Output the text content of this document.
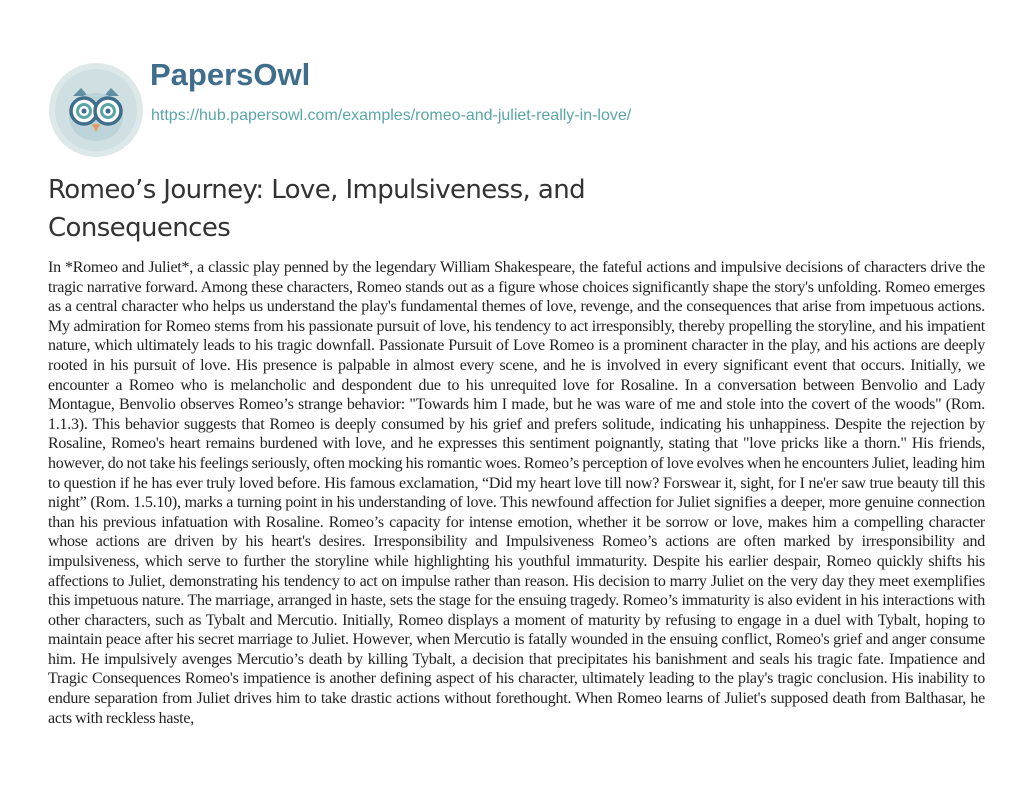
PapersOwl
https://hub.papersowl.com/examples/romeo-and-juliet-really-in-love/
Romeo’s Journey: Love, Impulsiveness, and Consequences

In *Romeo and Juliet*, a classic play penned by the legendary William Shakespeare, the fateful actions and impulsive decisions of characters drive the tragic narrative forward. Among these characters, Romeo stands out as a figure whose choices significantly shape the story's unfolding. Romeo emerges as a central character who helps us understand the play's fundamental themes of love, revenge, and the consequences that arise from impetuous actions. My admiration for Romeo stems from his passionate pursuit of love, his tendency to act irresponsibly, thereby propelling the storyline, and his impatient nature, which ultimately leads to his tragic downfall. Passionate Pursuit of Love Romeo is a prominent character in the play, and his actions are deeply rooted in his pursuit of love. His presence is palpable in almost every scene, and he is involved in every significant event that occurs. Initially, we encounter a Romeo who is melancholic and despondent due to his unrequited love for Rosaline. In a conversation between Benvolio and Lady Montague, Benvolio observes Romeo’s strange behavior: "Towards him I made, but he was ware of me and stole into the covert of the woods" (Rom. 1.1.3). This behavior suggests that Romeo is deeply consumed by his grief and prefers solitude, indicating his unhappiness. Despite the rejection by Rosaline, Romeo's heart remains burdened with love, and he expresses this sentiment poignantly, stating that "love pricks like a thorn." His friends, however, do not take his feelings seriously, often mocking his romantic woes. Romeo’s perception of love evolves when he encounters Juliet, leading him to question if he has ever truly loved before. His famous exclamation, “Did my heart love till now? Forswear it, sight, for I ne'er saw true beauty till this night” (Rom. 1.5.10), marks a turning point in his understanding of love. This newfound affection for Juliet signifies a deeper, more genuine connection than his previous infatuation with Rosaline. Romeo’s capacity for intense emotion, whether it be sorrow or love, makes him a compelling character whose actions are driven by his heart's desires. Irresponsibility and Impulsiveness Romeo’s actions are often marked by irresponsibility and impulsiveness, which serve to further the storyline while highlighting his youthful immaturity. Despite his earlier despair, Romeo quickly shifts his affections to Juliet, demonstrating his tendency to act on impulse rather than reason. His decision to marry Juliet on the very day they meet exemplifies this impetuous nature. The marriage, arranged in haste, sets the stage for the ensuing tragedy. Romeo’s immaturity is also evident in his interactions with other characters, such as Tybalt and Mercutio. Initially, Romeo displays a moment of maturity by refusing to engage in a duel with Tybalt, hoping to maintain peace after his secret marriage to Juliet. However, when Mercutio is fatally wounded in the ensuing conflict, Romeo's grief and anger consume him. He impulsively avenges Mercutio’s death by killing Tybalt, a decision that precipitates his banishment and seals his tragic fate. Impatience and Tragic Consequences Romeo's impatience is another defining aspect of his character, ultimately leading to the play's tragic conclusion. His inability to endure separation from Juliet drives him to take drastic actions without forethought. When Romeo learns of Juliet's supposed death from Balthasar, he acts with reckless haste,
